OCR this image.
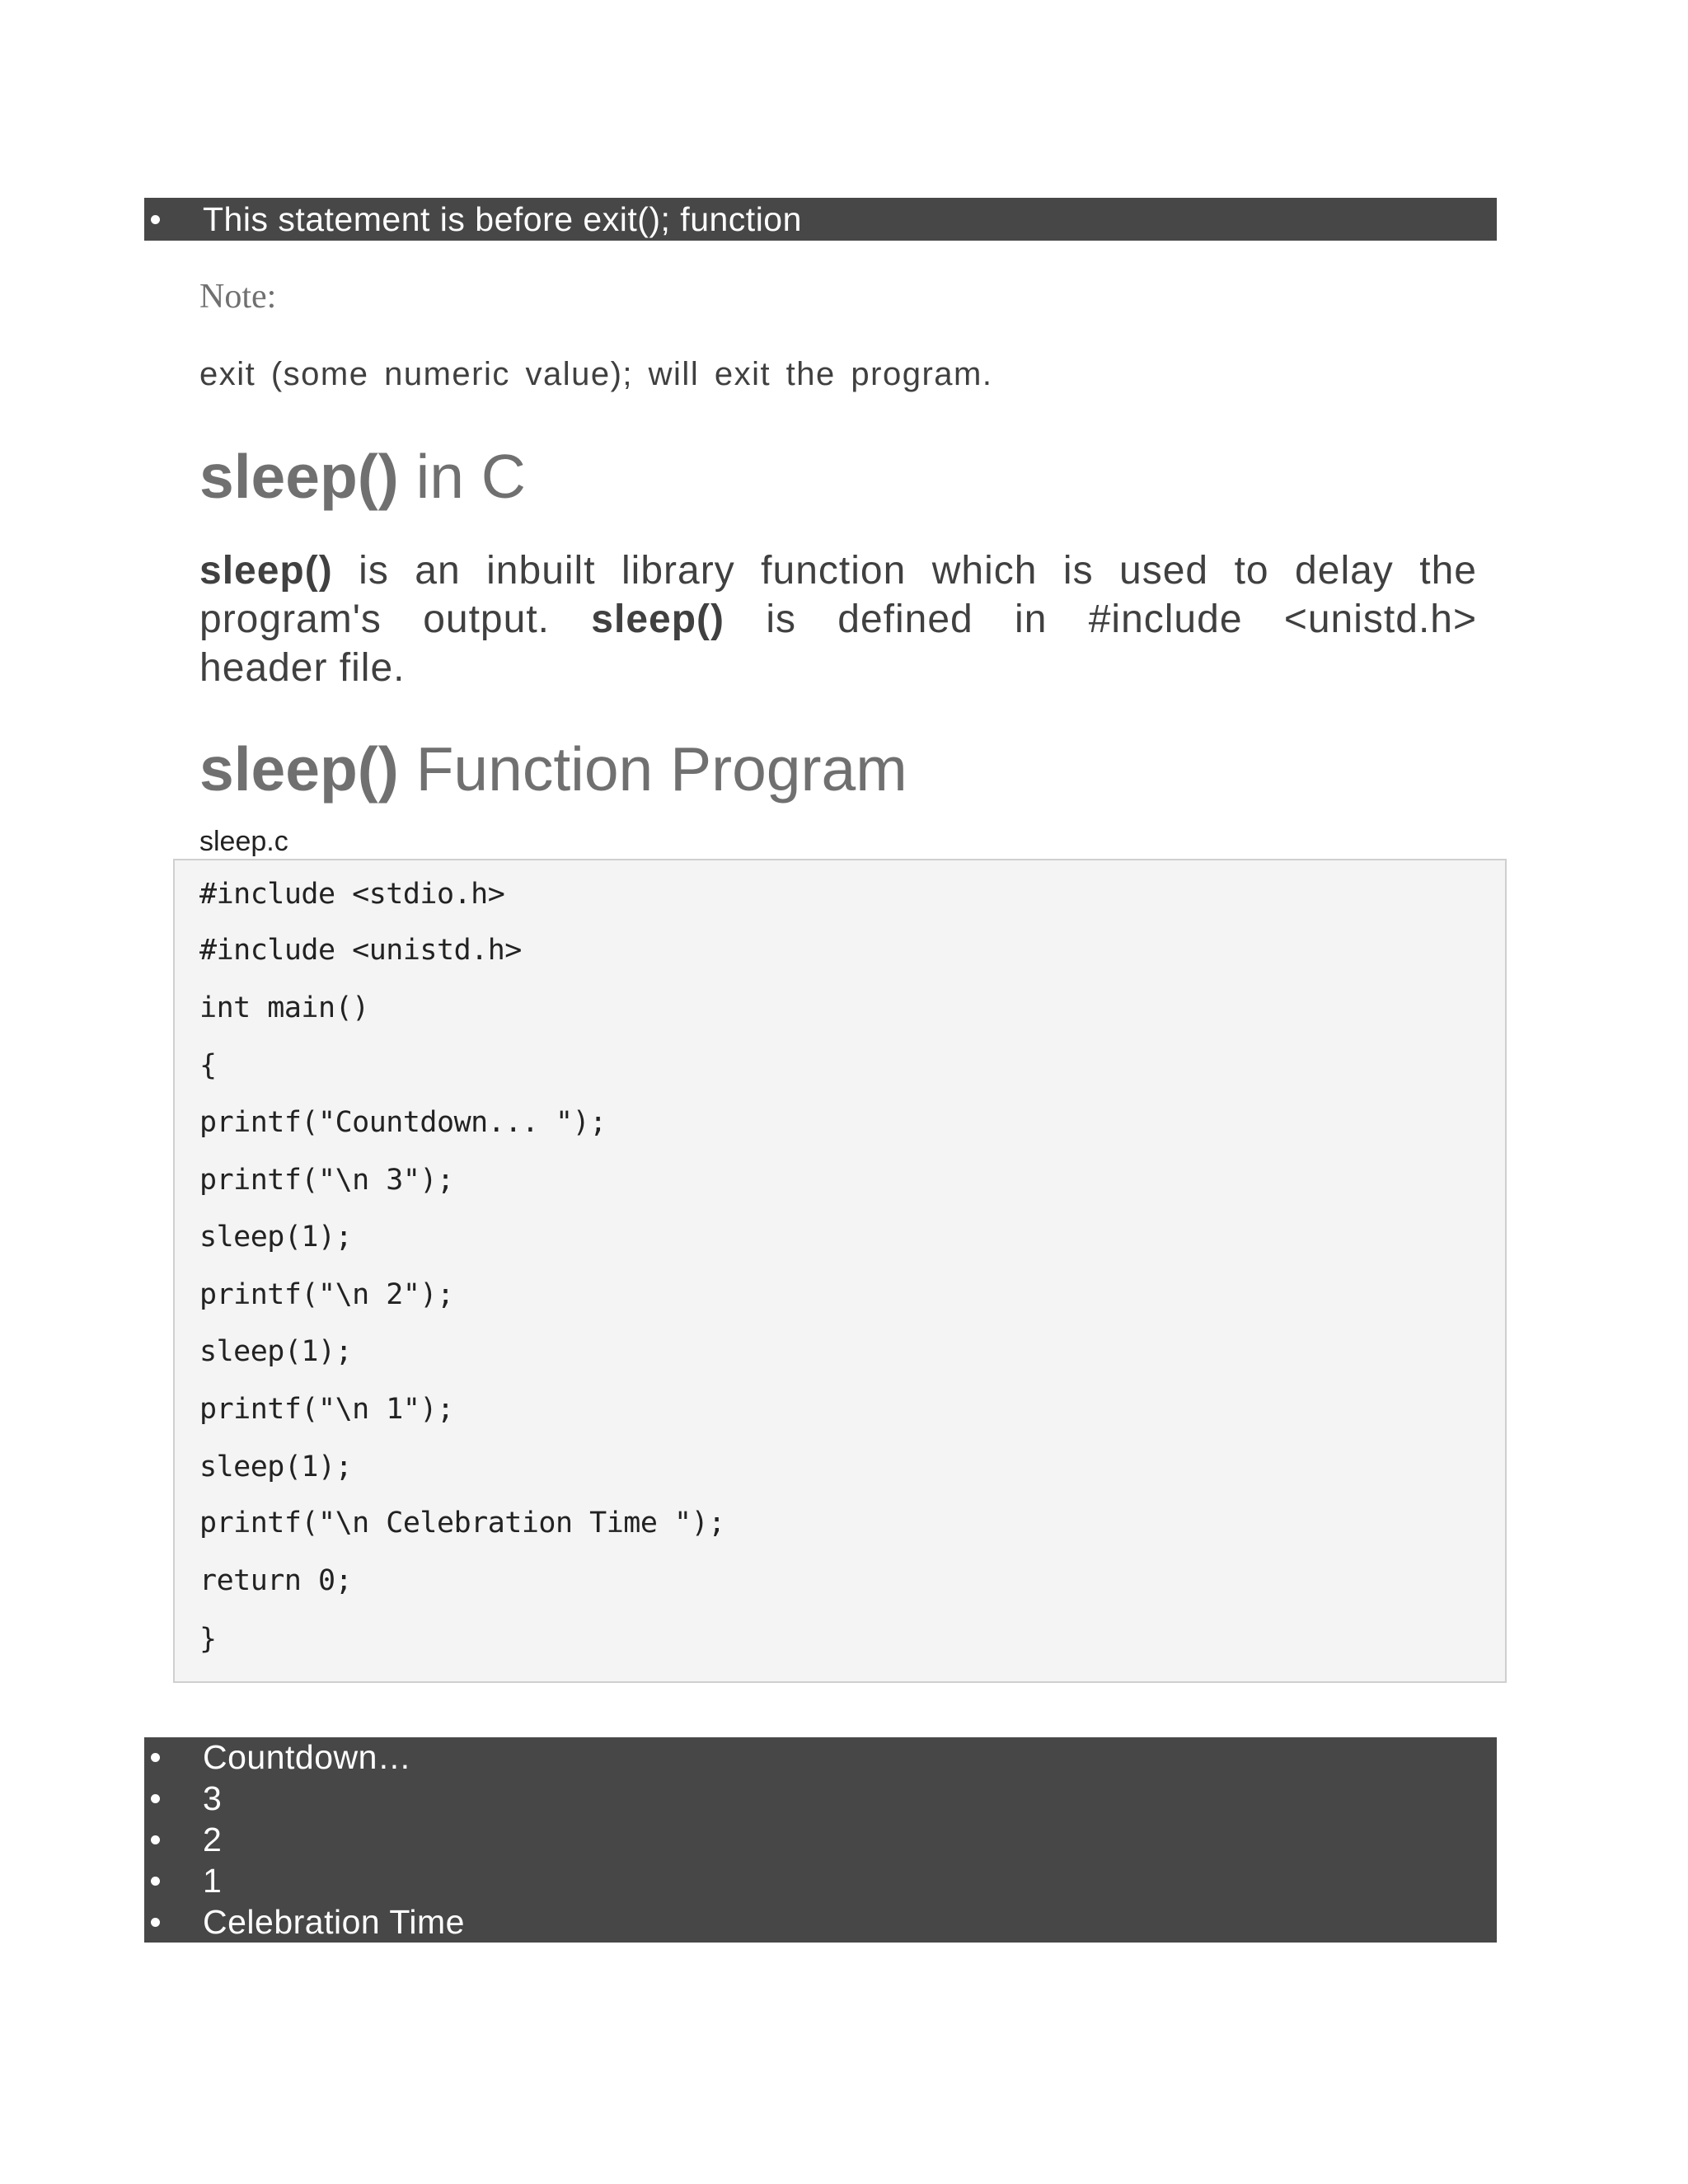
This statement is before exit(); function
Note:
exit (some numeric value); will exit the program.
sleep() in C
sleep() is an inbuilt library function which is used to delay the
program's output. sleep() is defined in #include <unistd.h>
header file.
sleep() Function Program
sleep.c
#include <stdio.h>
#include <unistd.h>
int main()
{
printf("Countdown... ");
printf("\n 3");
sleep(1);
printf("\n 2");
sleep(1);
printf("\n 1");
sleep(1);
printf("\n Celebration Time ");
return 0;
}
Countdown…
3
2
1
Celebration Time
